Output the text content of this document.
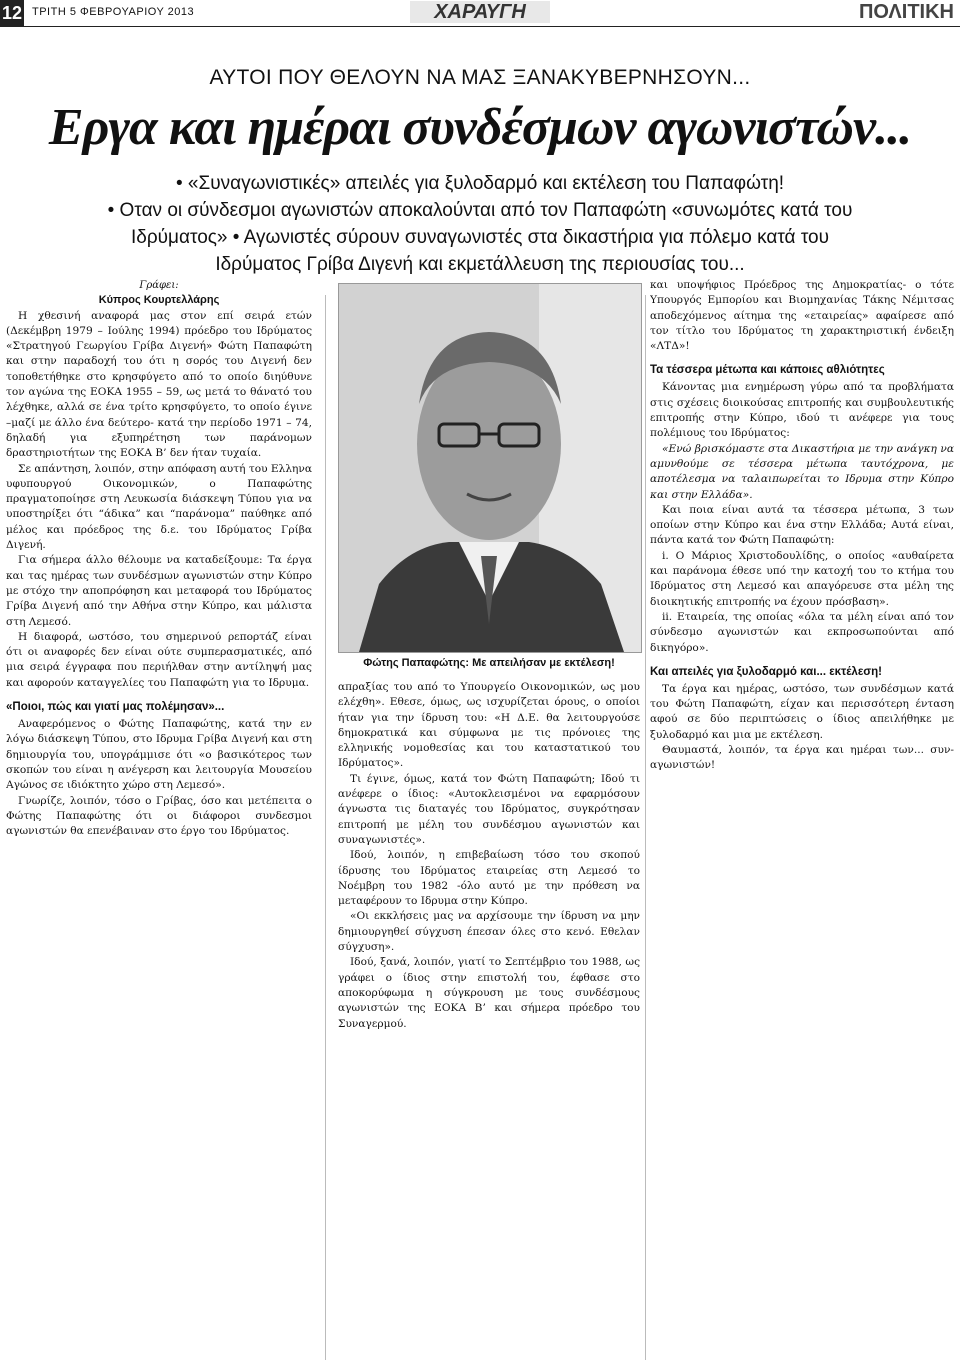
12 ΤΡΙΤΗ 5 ΦΕΒΡΟΥΑΡΙΟΥ 2013	ΧΑΡΑΥΓΗ	ΠΟΛΙΤΙΚΗ
ΑΥΤΟΙ ΠΟΥ ΘΕΛΟΥΝ ΝΑ ΜΑΣ ΞΑΝΑΚΥΒΕΡΝΗΣΟΥΝ...
Εργα και ημέραι συνδέσμων αγωνιστών...
• «Συναγωνιστικές» απειλές για ξυλοδαρμό και εκτέλεση του Παπαφώτη!
• Οταν οι σύνδεσμοι αγωνιστών αποκαλούνται από τον Παπαφώτη «συνωμότες κατά του
Ιδρύματος» • Αγωνιστές σύρουν συναγωνιστές στα δικαστήρια για πόλεμο κατά του
Ιδρύματος Γρίβα Διγενή και εκμετάλλευση της περιουσίας του...
Γράφει:
Κύπρος Κουρτελλάρης

Η χθεσινή αναφορά μας στον επί σειρά ετών (Δεκέμβρη 1979 – Ιούλης 1994) πρόεδρο του Ιδρύματος «Στρατηγού Γεωργίου Γρίβα Διγενή» Φώτη Παπαφώτη και στην παραδοχή του ότι η σορός του Διγενή δεν τοποθετήθηκε στο κρησφύγετο από το οποίο διηύθυνε τον αγώνα της ΕΟΚΑ 1955 – 59, ως μετά το θάνατό του λέχθηκε, αλλά σε ένα τρίτο κρησφύγετο, το οποίο έγινε –μαζί με άλλο ένα δεύτερο- κατά την περίοδο 1971 – 74, δηλαδή για εξυπηρέτηση των παράνομων δραστηριοτήτων της ΕΟΚΑ Β’ δεν ήταν τυχαία.

Σε απάντηση, λοιπόν, στην απόφαση αυτή του Ελληνα υφυπουργού Οικονομικών, ο Παπαφώτης πραγματοποίησε στη Λευκωσία διάσκεψη Τύπου για να υποστηρίξει ότι “άδικα” και “παράνομα” παύθηκε από μέλος και πρόεδρος της δ.ε. του Ιδρύματος Γρίβα Διγενή.

Για σήμερα άλλο θέλουμε να καταδείξουμε: Τα έργα και τας ημέρας των συνδέσμων αγωνιστών στην Κύπρο με στόχο την αποπρόφηση και μεταφορά του Ιδρύματος Γρίβα Διγενή από την Αθήνα στην Κύπρο, και μάλιστα στη Λεμεσό.

Η διαφορά, ωστόσο, του σημερινού ρεπορτάζ είναι ότι οι αναφορές δεν είναι ούτε συμπερασματικές, από μια σειρά έγγραφα που περιήλθαν στην αντίληψή μας και αφορούν καταγγελίες του Παπαφώτη για το Ιδρυμα.

«Ποιοι, πώς και γιατί μας πολέμησαν»...

Αναφερόμενος ο Φώτης Παπαφώτης, κατά την εν λόγω διάσκεψη Τύπου, στο Ιδρυμα Γρίβα Διγενή και στη δημιουργία του, υπογράμμισε ότι «ο βασικότερος των σκοπών του είναι η ανέγερση και λειτουργία Μουσείου Αγώνος σε ιδιόκτητο χώρο στη Λεμεσό».

Γνωρίζε, λοιπόν, τόσο ο Γρίβας, όσο και μετέπειτα ο Φώτης Παπαφώτης ότι οι διάφοροι συνδεσμοι αγωνιστών θα επενέβαιναν στο έργο του Ιδρύματος.

Φώτης Παπαφώτης: Με απειλήσαν με εκτέλεση!

απραξίας του από το Υπουργείο Οικονομικών, ως μου ελέχθη». Εθεσε, όμως, ως ισχυρίζεται όρους, ο οποίοι ήταν για την ίδρυση του: «Η Δ.Ε. θα λειτουργούσε δημοκρατικά και σύμφωνα με τις πρόνοιες της ελληνικής νομοθεσίας και του καταστατικού του Ιδρύματος».

Τι έγινε, όμως, κατά τον Φώτη Παπαφώτη; Ιδού τι ανέφερε ο ίδιος: «Αυτοκλεισμένοι να εφαρμόσουν άγνωστα τις διαταγές του Ιδρύματος, συγκρότησαν επιτροπή με μέλη του συνδέσμου αγωνιστών και συναγωνιστές».

Ιδού, λοιπόν, η επιβεβαίωση τόσο του σκοπού ίδρυσης του Ιδρύματος εταιρείας στη Λεμεσό το Νοέμβρη του 1982 -όλο αυτό με την πρόθεση να μεταφέρουν το Ιδρυμα στην Κύπρο.

«Οι εκκλήσεις μας να αρχίσουμε την ίδρυση να μην δημιουργηθεί σύγχυση έπεσαν όλες στο κενό. Εθελαν σύγχυση».

Ιδού, ξανά, λοιπόν, γιατί το Σεπτέμβριο του 1988, ως γράφει ο ίδιος στην επιστολή του, έφθασε στο αποκορύφωμα η σύγκρουση με τους συνδέσμους αγωνιστών της ΕΟΚΑ Β’ και σήμερα πρόεδρο του Συναγερμού.

και υποψήφιος Πρόεδρος της Δημοκρατίας- ο τότε Υπουργός Εμπορίου και Βιομηχανίας Τάκης Νέμιτσας αποδεχόμενος αίτημα της «εταιρείας» αφαίρεσε από τον τίτλο του Ιδρύματος τη χαρακτηριστική ένδειξη «ΛΤΔ»!

Τα τέσσερα μέτωπα και κάποιες αθλιότητες

Κάνοντας μια ενημέρωση γύρω από τα προβλήματα στις σχέσεις διοικούσας επιτροπής και συμβουλευτικής επιτροπής στην Κύπρο, ιδού τι ανέφερε για τους πολέμιους του Ιδρύματος:

«Ενώ βρισκόμαστε στα Δικαστήρια με την ανάγκη να αμυνθούμε σε τέσσερα μέτωπα ταυτόχρονα, με αποτέλεσμα να ταλαιπωρείται το Ιδρυμα στην Κύπρο και στην Ελλάδα».

Και ποια είναι αυτά τα τέσσερα μέτωπα, 3 των οποίων στην Κύπρο και ένα στην Ελλάδα; Αυτά είναι, πάντα κατά τον Φώτη Παπαφώτη:

i. Ο Μάριος Χριστοδουλίδης, ο οποίος «αυθαίρετα και παράνομα έθεσε υπό την κατοχή του το κτήμα του Ιδρύματος στη Λεμεσό και απαγόρευσε στα μέλη της διοικητικής επιτροπής να έχουν πρόσβαση».

ii. Εταιρεία, της οποίας «όλα τα μέλη είναι από τον σύνδεσμο αγωνιστών και εκπροσωπούνται από δικηγόρο».

Και απειλές για ξυλοδαρμό και... εκτέλεση!

Τα έργα και ημέρας, ωστόσο, των συνδέσμων κατά του Φώτη Παπαφώτη, είχαν και περισσότερη ένταση αφού σε δύο περιπτώσεις ο ίδιος απειλήθηκε με ξυλοδαρμό και μια με εκτέλεση.

Θαυμαστά, λοιπόν, τα έργα και ημέραι των... συν-αγωνιστών!
